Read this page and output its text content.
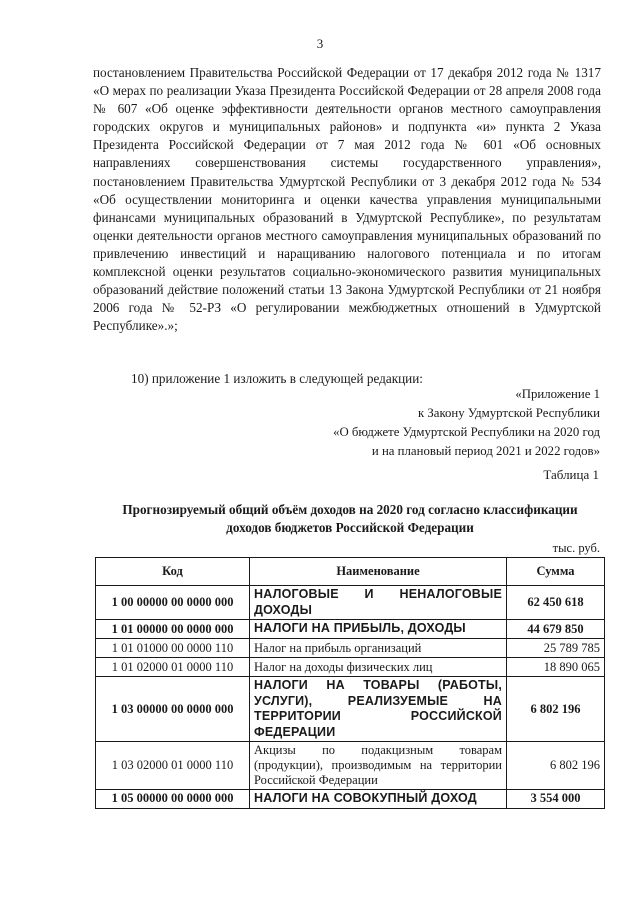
3

постановлением Правительства Российской Федерации от 17 декабря 2012 года № 1317 «О мерах по реализации Указа Президента Российской Федерации от 28 апреля 2008 года № 607 «Об оценке эффективности деятельности органов местного самоуправления городских округов и муниципальных районов» и подпункта «и» пункта 2 Указа Президента Российской Федерации от 7 мая 2012 года № 601 «Об основных направлениях совершенствования системы государственного управления», постановлением Правительства Удмуртской Республики от 3 декабря 2012 года № 534 «Об осуществлении мониторинга и оценки качества управления муниципальными финансами муниципальных образований в Удмуртской Республике», по результатам оценки деятельности органов местного самоуправления муниципальных образований по привлечению инвестиций и наращиванию налогового потенциала и по итогам комплексной оценки результатов социально-экономического развития муниципальных образований действие положений статьи 13 Закона Удмуртской Республики от 21 ноября 2006 года № 52-РЗ «О регулировании межбюджетных отношений в Удмуртской Республике».»;

10) приложение 1 изложить в следующей редакции:

«Приложение 1
к Закону Удмуртской Республики
«О бюджете Удмуртской Республики на 2020 год
и на плановый период 2021 и 2022 годов»
Таблица 1
Прогнозируемый общий объём доходов на 2020 год согласно классификации доходов бюджетов Российской Федерации
тыс. руб.
Код	Наименование	Сумма
1 00 00000 00 0000 000	НАЛОГОВЫЕ И НЕНАЛОГОВЫЕ ДОХОДЫ	62 450 618
1 01 00000 00 0000 000	НАЛОГИ НА ПРИБЫЛЬ, ДОХОДЫ	44 679 850
1 01 01000 00 0000 110	Налог на прибыль организаций	25 789 785
1 01 02000 01 0000 110	Налог на доходы физических лиц	18 890 065
1 03 00000 00 0000 000	НАЛОГИ НА ТОВАРЫ (РАБОТЫ, УСЛУГИ), РЕАЛИЗУЕМЫЕ НА ТЕРРИТОРИИ РОССИЙСКОЙ ФЕДЕРАЦИИ	6 802 196
1 03 02000 01 0000 110	Акцизы по подакцизным товарам (продукции), производимым на территории Российской Федерации	6 802 196
1 05 00000 00 0000 000	НАЛОГИ НА СОВОКУПНЫЙ ДОХОД	3 554 000
